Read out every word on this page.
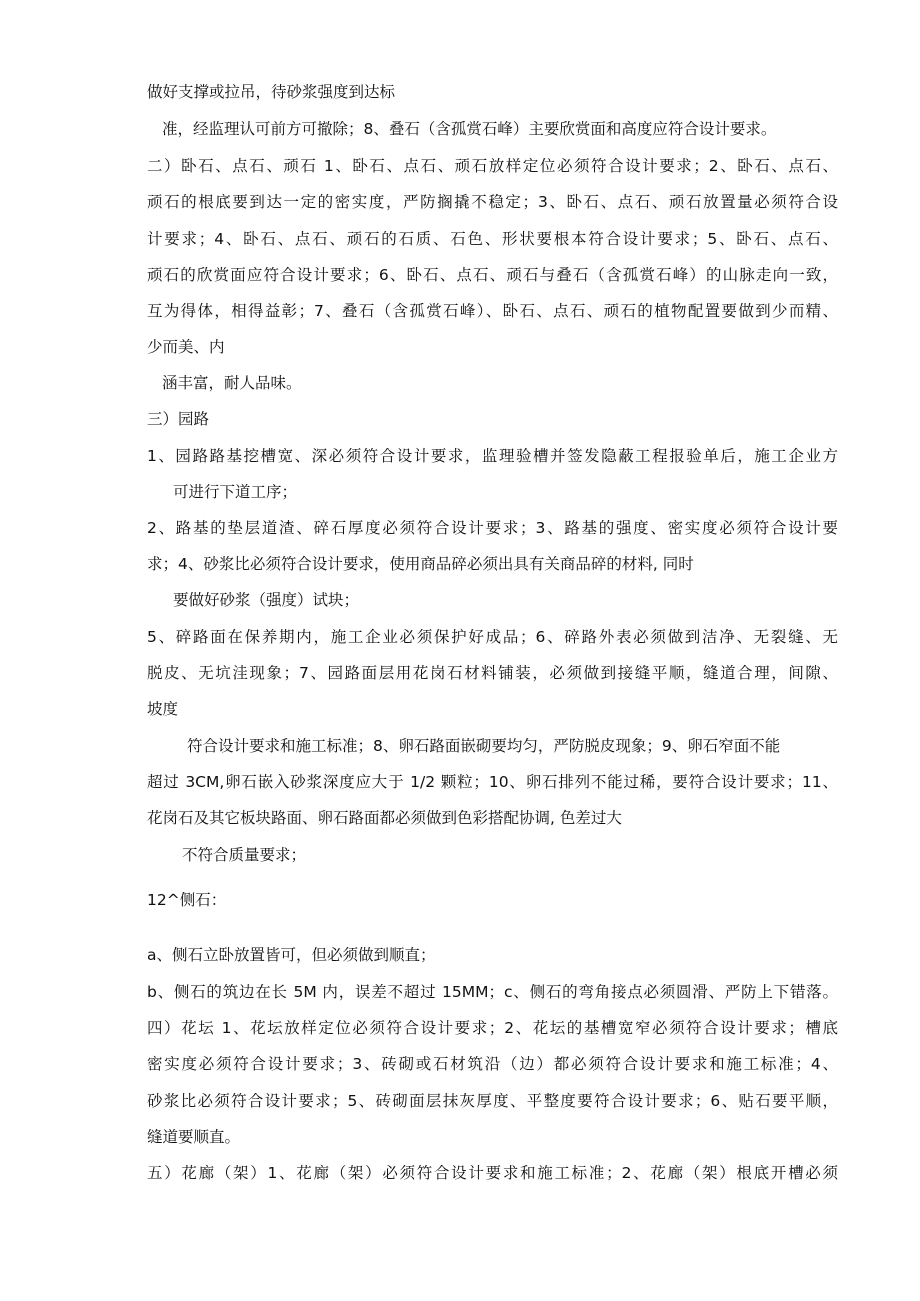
做好支撑或拉吊，待砂浆强度到达标

准，经监理认可前方可撤除；8、叠石（含孤赏石峰）主要欣赏面和高度应符合设计要求。

二）卧石、点石、顽石 1、卧石、点石、顽石放样定位必须符合设计要求；2、卧石、点石、

顽石的根底要到达一定的密实度，严防搁撬不稳定；3、卧石、点石、顽石放置量必须符合设

计要求；4、卧石、点石、顽石的石质、石色、形状要根本符合设计要求；5、卧石、点石、

顽石的欣赏面应符合设计要求；6、卧石、点石、顽石与叠石（含孤赏石峰）的山脉走向一致，

互为得体，相得益彰；7、叠石（含孤赏石峰）、卧石、点石、顽石的植物配置要做到少而精、

少而美、内

涵丰富，耐人品味。

三）园路

1、园路路基挖槽宽、深必须符合设计要求，监理验槽并签发隐蔽工程报验单后，施工企业方

可进行下道工序；

2、路基的垫层道渣、碎石厚度必须符合设计要求；3、路基的强度、密实度必须符合设计要

求；4、砂浆比必须符合设计要求，使用商品碎必须出具有关商品碎的材料, 同时

要做好砂浆（强度）试块；

5、碎路面在保养期内，施工企业必须保护好成品；6、碎路外表必须做到洁净、无裂缝、无

脱皮、无坑洼现象；7、园路面层用花岗石材料铺装，必须做到接缝平顺，缝道合理，间隙、

坡度

符合设计要求和施工标准；8、卵石路面嵌砌要均匀，严防脱皮现象；9、卵石窄面不能

超过 3CM,卵石嵌入砂浆深度应大于 1/2 颗粒；10、卵石排列不能过稀，要符合设计要求；11、

花岗石及其它板块路面、卵石路面都必须做到色彩搭配协调, 色差过大

不符合质量要求；

12^侧石：

a、侧石立卧放置皆可，但必须做到顺直；

b、侧石的筑边在长 5M 内，误差不超过 15MM；c、侧石的弯角接点必须圆滑、严防上下错落。

四）花坛 1、花坛放样定位必须符合设计要求；2、花坛的基槽宽窄必须符合设计要求；槽底

密实度必须符合设计要求；3、砖砌或石材筑沿（边）都必须符合设计要求和施工标准；4、

砂浆比必须符合设计要求；5、砖砌面层抹灰厚度、平整度要符合设计要求；6、贴石要平顺，

缝道要顺直。

五）花廊（架）1、花廊（架）必须符合设计要求和施工标准；2、花廊（架）根底开槽必须
